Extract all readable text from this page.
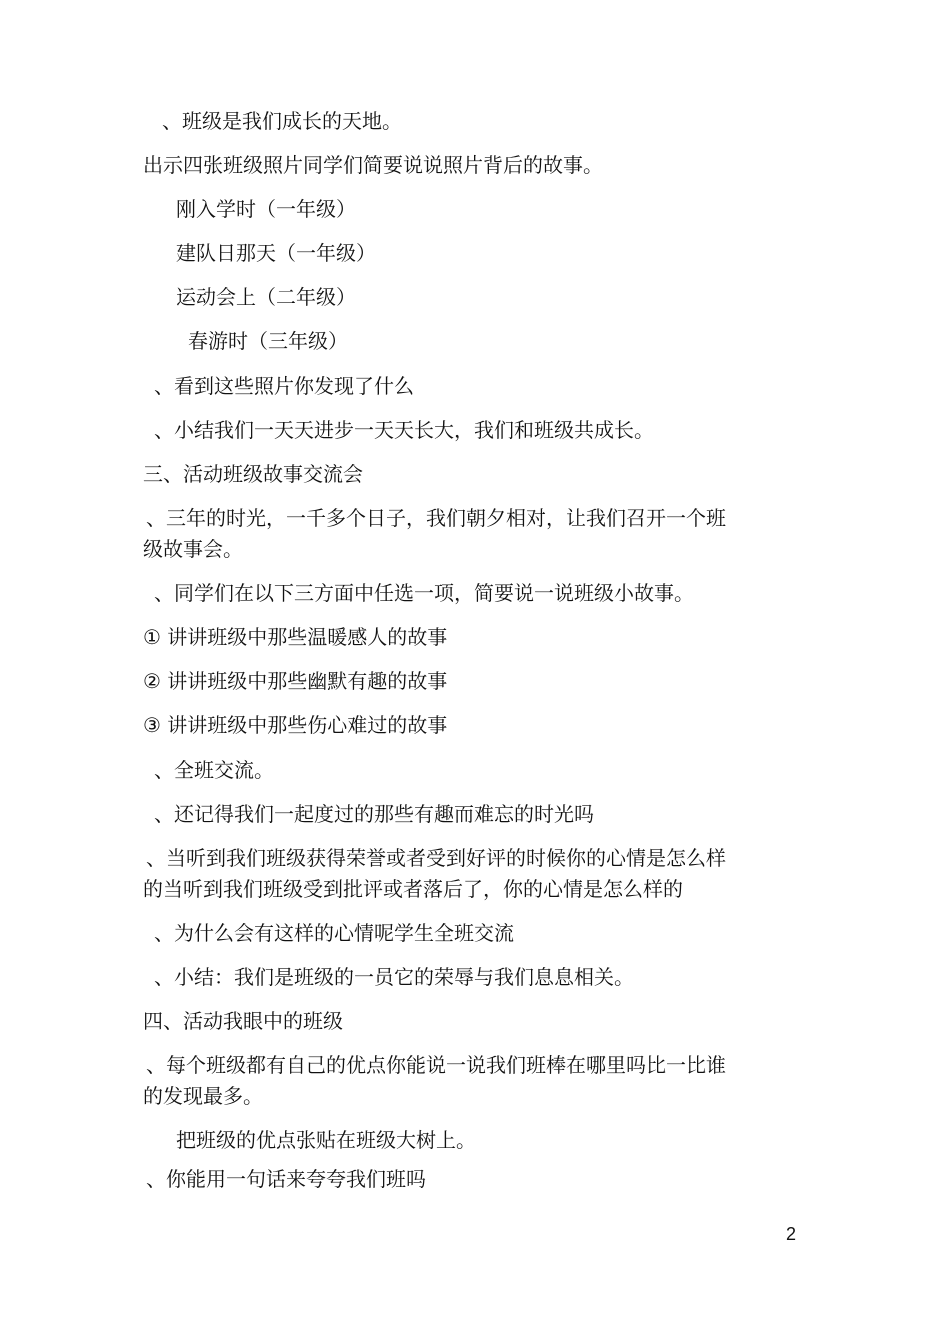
、班级是我们成长的天地。
出示四张班级照片同学们简要说说照片背后的故事。
刚入学时（一年级）
建队日那天（一年级）
运动会上（二年级）
春游时（三年级）
、看到这些照片你发现了什么
、小结我们一天天进步一天天长大，我们和班级共成长。
三、活动班级故事交流会
、三年的时光，一千多个日子，我们朝夕相对，让我们召开一个班
级故事会。
、同学们在以下三方面中任选一项，简要说一说班级小故事。
① 讲讲班级中那些温暖感人的故事
② 讲讲班级中那些幽默有趣的故事
③ 讲讲班级中那些伤心难过的故事
、全班交流。
、还记得我们一起度过的那些有趣而难忘的时光吗
、当听到我们班级获得荣誉或者受到好评的时候你的心情是怎么样
的当听到我们班级受到批评或者落后了，你的心情是怎么样的
、为什么会有这样的心情呢学生全班交流
、小结：我们是班级的一员它的荣辱与我们息息相关。
四、活动我眼中的班级
、每个班级都有自己的优点你能说一说我们班棒在哪里吗比一比谁
的发现最多。
把班级的优点张贴在班级大树上。
、你能用一句话来夸夸我们班吗
2
